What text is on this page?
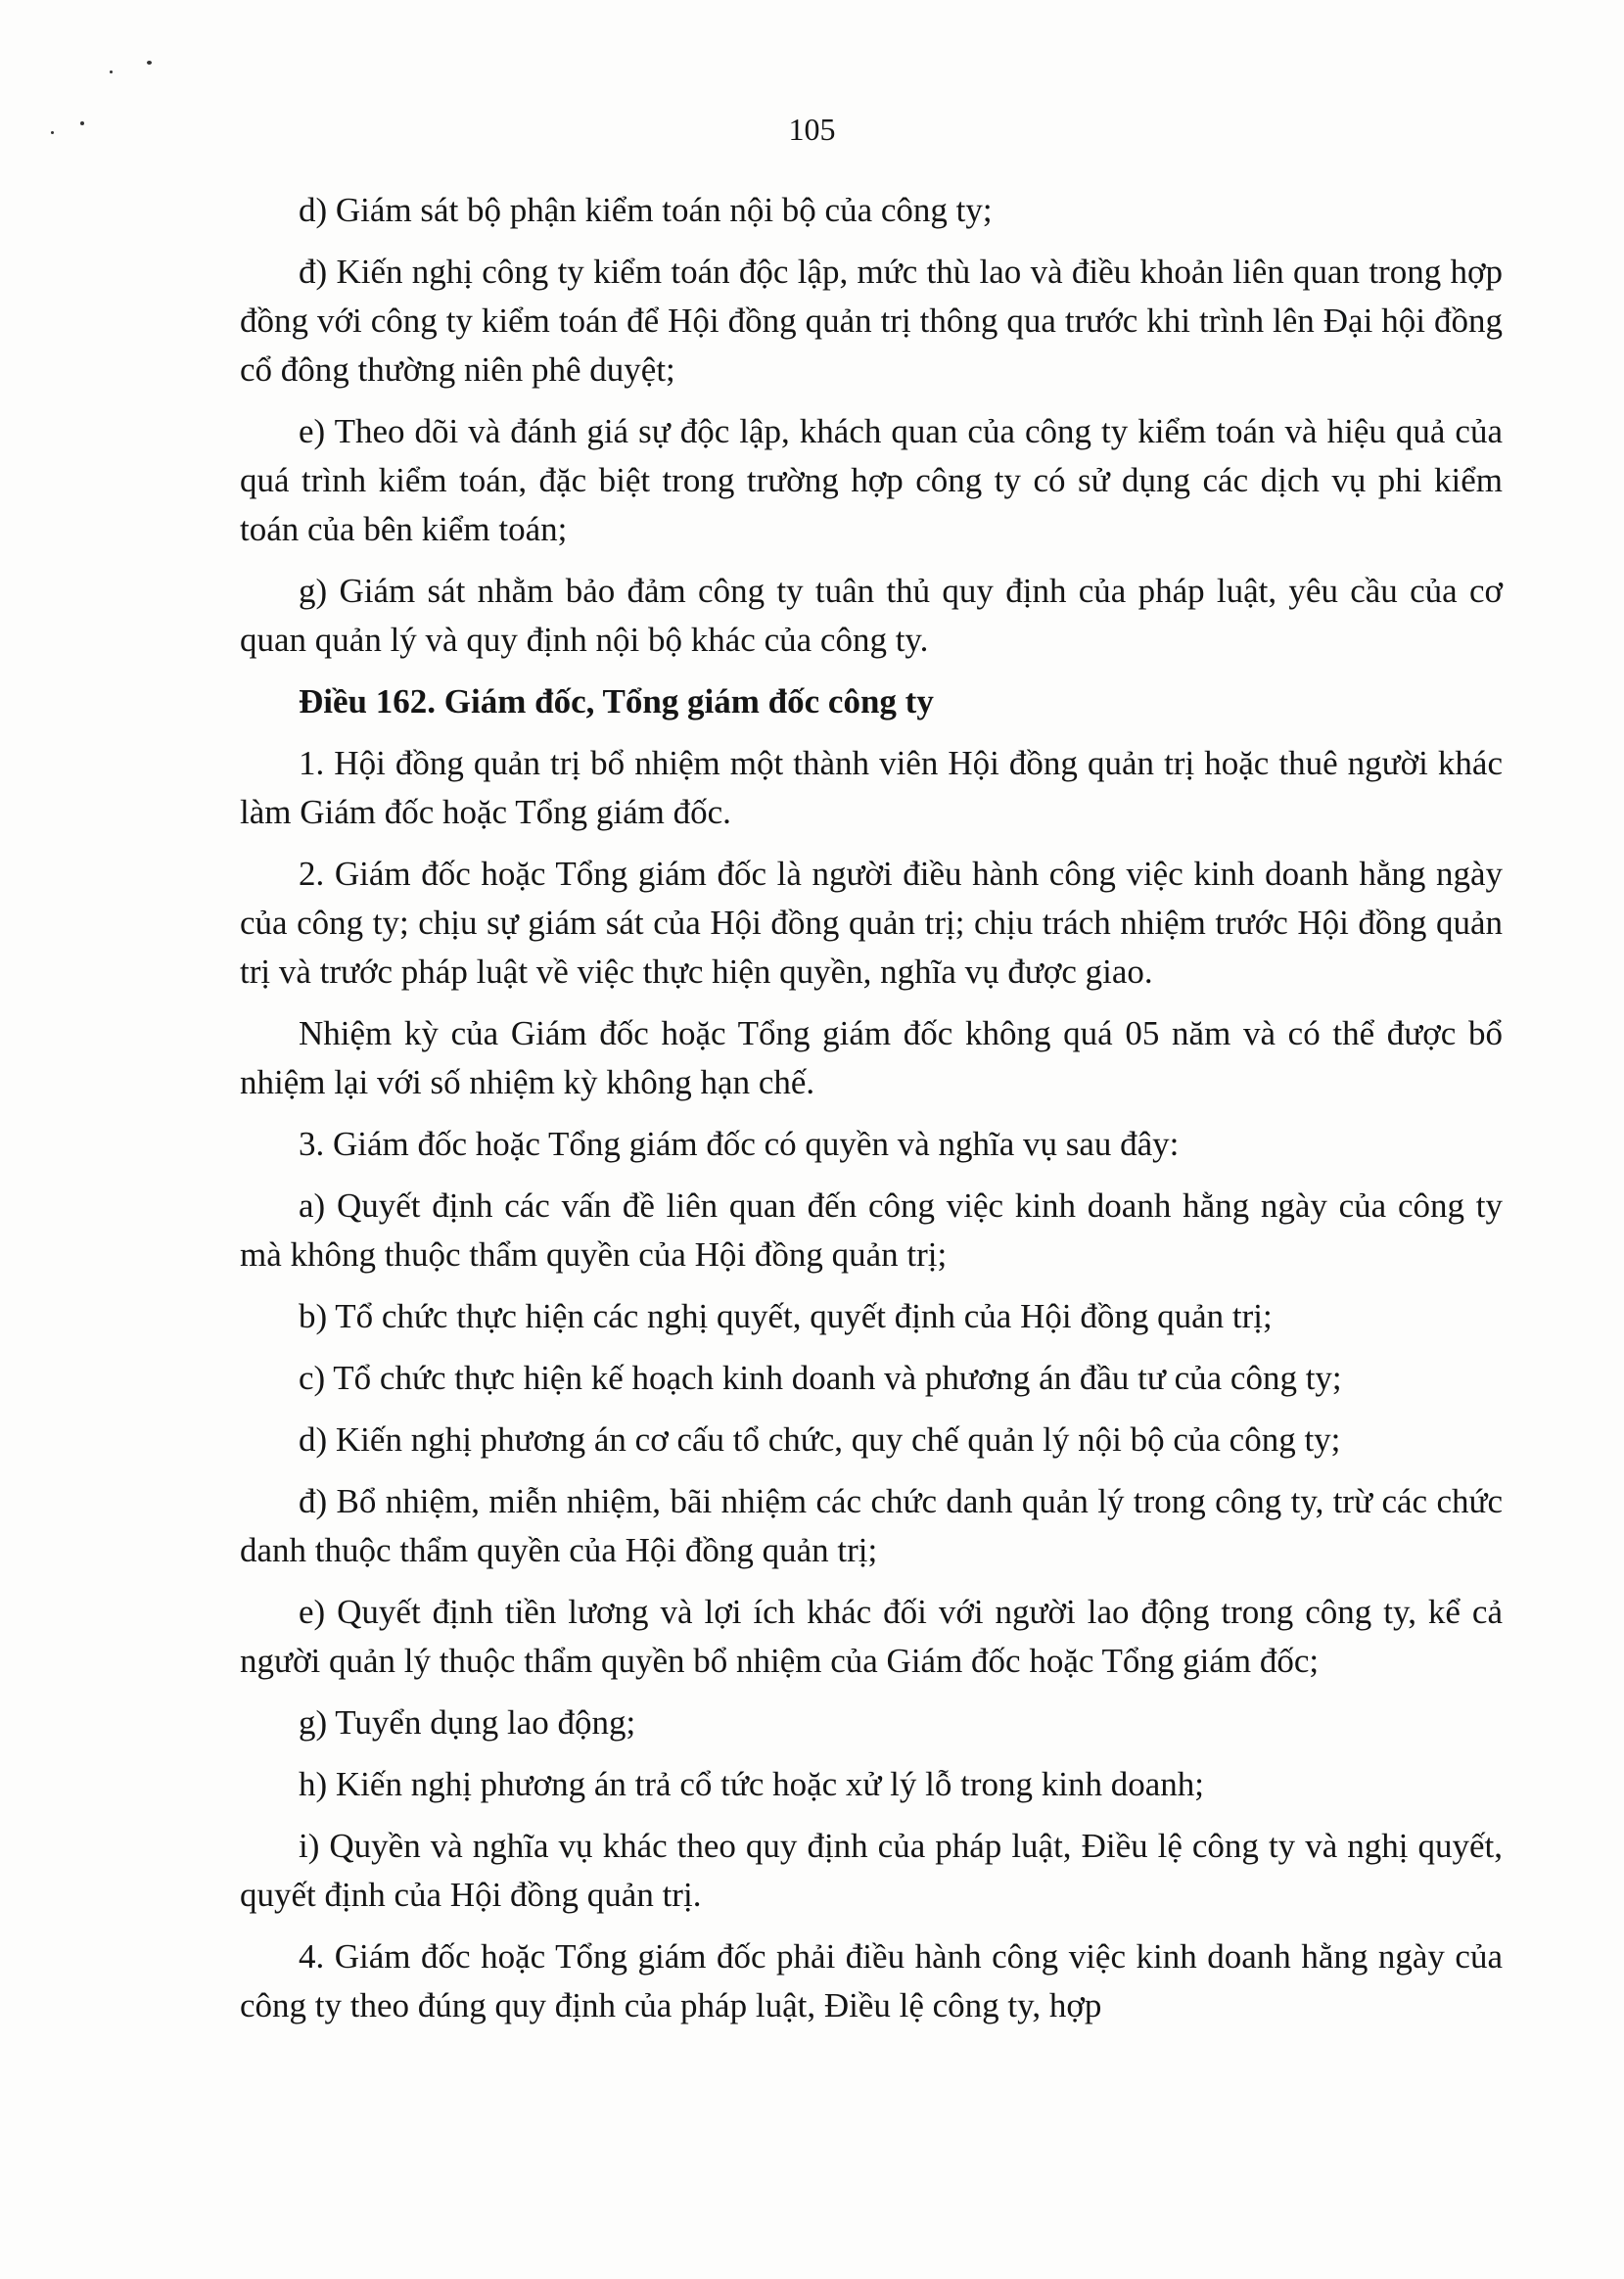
105

d) Giám sát bộ phận kiểm toán nội bộ của công ty;

đ) Kiến nghị công ty kiểm toán độc lập, mức thù lao và điều khoản liên quan trong hợp đồng với công ty kiểm toán để Hội đồng quản trị thông qua trước khi trình lên Đại hội đồng cổ đông thường niên phê duyệt;

e) Theo dõi và đánh giá sự độc lập, khách quan của công ty kiểm toán và hiệu quả của quá trình kiểm toán, đặc biệt trong trường hợp công ty có sử dụng các dịch vụ phi kiểm toán của bên kiểm toán;

g) Giám sát nhằm bảo đảm công ty tuân thủ quy định của pháp luật, yêu cầu của cơ quan quản lý và quy định nội bộ khác của công ty.

Điều 162. Giám đốc, Tổng giám đốc công ty

1. Hội đồng quản trị bổ nhiệm một thành viên Hội đồng quản trị hoặc thuê người khác làm Giám đốc hoặc Tổng giám đốc.

2. Giám đốc hoặc Tổng giám đốc là người điều hành công việc kinh doanh hằng ngày của công ty; chịu sự giám sát của Hội đồng quản trị; chịu trách nhiệm trước Hội đồng quản trị và trước pháp luật về việc thực hiện quyền, nghĩa vụ được giao.

Nhiệm kỳ của Giám đốc hoặc Tổng giám đốc không quá 05 năm và có thể được bổ nhiệm lại với số nhiệm kỳ không hạn chế.

3. Giám đốc hoặc Tổng giám đốc có quyền và nghĩa vụ sau đây:

a) Quyết định các vấn đề liên quan đến công việc kinh doanh hằng ngày của công ty mà không thuộc thẩm quyền của Hội đồng quản trị;

b) Tổ chức thực hiện các nghị quyết, quyết định của Hội đồng quản trị;

c) Tổ chức thực hiện kế hoạch kinh doanh và phương án đầu tư của công ty;

d) Kiến nghị phương án cơ cấu tổ chức, quy chế quản lý nội bộ của công ty;

đ) Bổ nhiệm, miễn nhiệm, bãi nhiệm các chức danh quản lý trong công ty, trừ các chức danh thuộc thẩm quyền của Hội đồng quản trị;

e) Quyết định tiền lương và lợi ích khác đối với người lao động trong công ty, kể cả người quản lý thuộc thẩm quyền bổ nhiệm của Giám đốc hoặc Tổng giám đốc;

g) Tuyển dụng lao động;

h) Kiến nghị phương án trả cổ tức hoặc xử lý lỗ trong kinh doanh;

i) Quyền và nghĩa vụ khác theo quy định của pháp luật, Điều lệ công ty và nghị quyết, quyết định của Hội đồng quản trị.

4. Giám đốc hoặc Tổng giám đốc phải điều hành công việc kinh doanh hằng ngày của công ty theo đúng quy định của pháp luật, Điều lệ công ty, hợp
